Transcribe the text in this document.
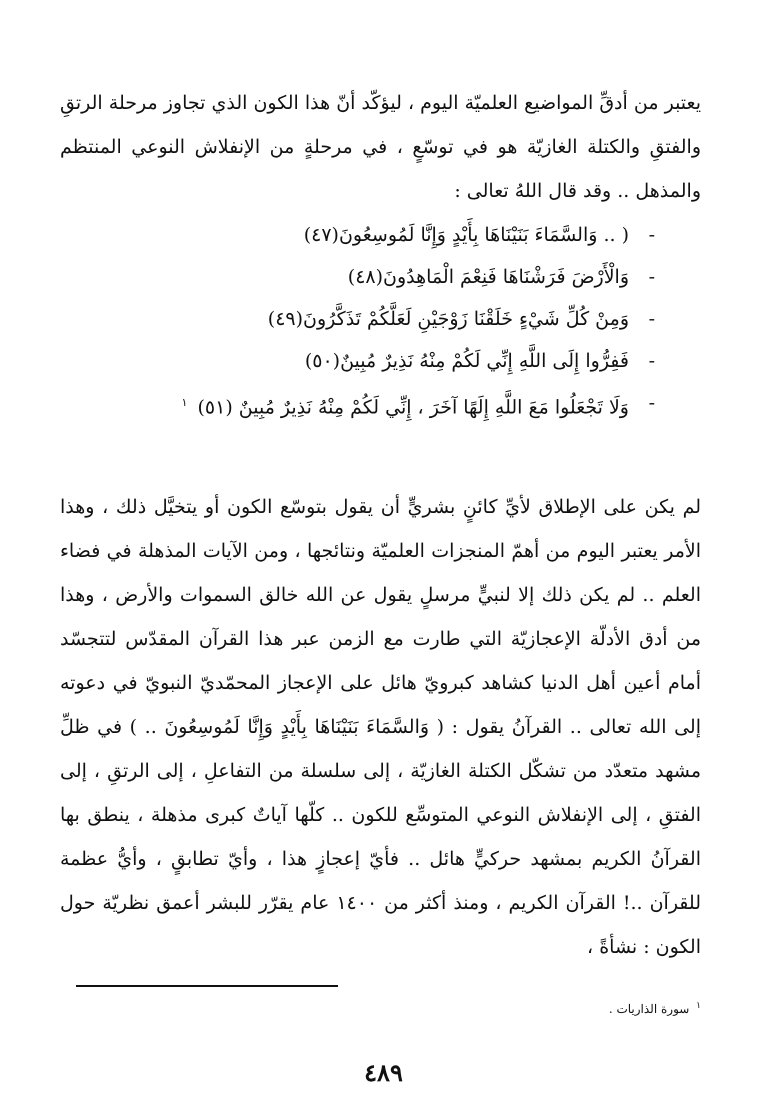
يعتبر من أدقِّ المواضيع العلميّة اليوم ، ليؤكّد أنّ هذا الكون الذي تجاوز مرحلة الرتقِ والفتقِ والكتلة الغازيّة هو في توسّعٍ ، في مرحلةٍ من الإنفلاش النوعي المنتظم والمذهل .. وقد قال اللهُ تعالى :

-
( .. وَالسَّمَاءَ بَنَيْنَاهَا بِأَيْدٍ وَإِنَّا لَمُوسِعُونَ(٤٧)
-
وَالْأَرْضَ فَرَشْنَاهَا فَنِعْمَ الْمَاهِدُونَ(٤٨)
-
وَمِنْ كُلِّ شَيْءٍ خَلَقْنَا زَوْجَيْنِ لَعَلَّكُمْ تَذَكَّرُونَ(٤٩)
-
فَفِرُّوا إِلَى اللَّهِ إِنِّي لَكُمْ مِنْهُ نَذِيرٌ مُبِينٌ(٥٠)
-
وَلَا تَجْعَلُوا مَعَ اللَّهِ إِلَهًا آخَرَ ، إِنِّي لَكُمْ مِنْهُ نَذِيرٌ مُبِينٌ (٥١) $^١$

لم يكن على الإطلاق لأيِّ كائنٍ بشريٍّ أن يقول بتوسّع الكون أو يتخيَّل ذلك ، وهذا الأمر يعتبر اليوم من أهمّ المنجزات العلميّة ونتائجها ، ومن الآيات المذهلة في فضاء العلم .. لم يكن ذلك إلا لنبيٍّ مرسلٍ يقول عن الله خالق السموات والأرض ، وهذا من أدق الأدلّة الإعجازيّة التي طارت مع الزمن عبر هذا القرآن المقدّس لتتجسّد أمام أعين أهل الدنيا كشاهد كبرويّ هائل على الإعجاز المحمّديّ النبويّ في دعوته إلى الله تعالى .. القرآنُ يقول : ( وَالسَّمَاءَ بَنَيْنَاهَا بِأَيْدٍ وَإِنَّا لَمُوسِعُونَ .. ) في ظلِّ مشهد متعدّد من تشكّل الكتلة الغازيّة ، إلى سلسلة من التفاعلِ ، إلى الرتقِ ، إلى الفتقِ ، إلى الإنفلاش النوعي المتوسِّع للكون .. كلّها آياتٌ كبرى مذهلة ، ينطق بها القرآنُ الكريم بمشهد حركيٍّ هائل .. فأيّ إعجازٍ هذا ، وأيّ تطابقٍ ، وأيُّ عظمة للقرآن ..! القرآن الكريم ، ومنذ أكثر من ١٤٠٠ عام يقرّر للبشر أعمق نظريّة حول الكون : نشأةً ،

$^١$ سورة الذاريات .
٤٨٩
